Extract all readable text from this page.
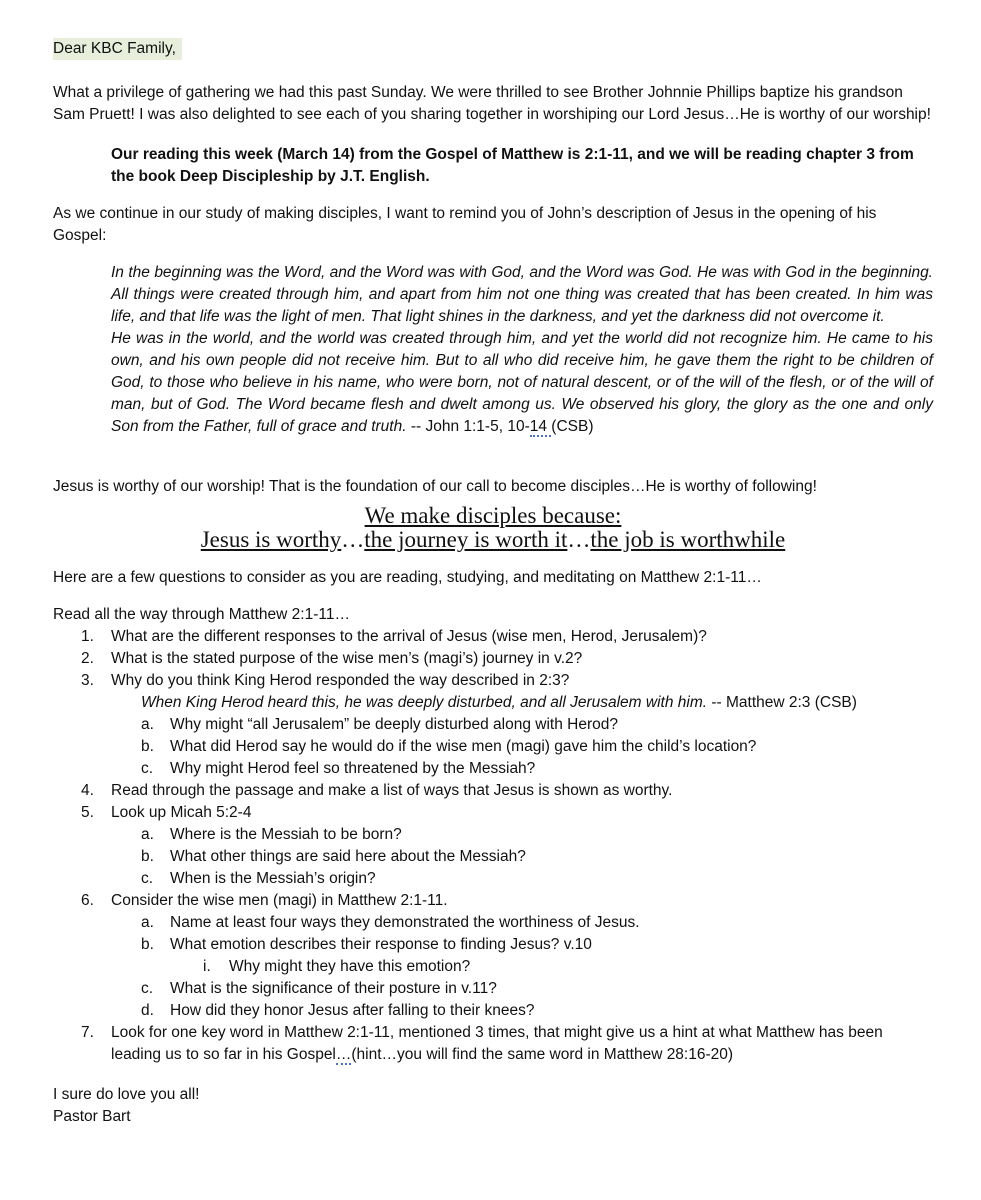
Dear KBC Family,

What a privilege of gathering we had this past Sunday. We were thrilled to see Brother Johnnie Phillips baptize his grandson Sam Pruett! I was also delighted to see each of you sharing together in worshiping our Lord Jesus…He is worthy of our worship!

Our reading this week (March 14) from the Gospel of Matthew is 2:1-11, and we will be reading chapter 3 from the book Deep Discipleship by J.T. English.

As we continue in our study of making disciples, I want to remind you of John’s description of Jesus in the opening of his Gospel:

In the beginning was the Word, and the Word was with God, and the Word was God. He was with God in the beginning. All things were created through him, and apart from him not one thing was created that has been created. In him was life, and that life was the light of men. That light shines in the darkness, and yet the darkness did not overcome it.

He was in the world, and the world was created through him, and yet the world did not recognize him. He came to his own, and his own people did not receive him. But to all who did receive him, he gave them the right to be children of God, to those who believe in his name, who were born, not of natural descent, or of the will of the flesh, or of the will of man, but of God. The Word became flesh and dwelt among us. We observed his glory, the glory as the one and only Son from the Father, full of grace and truth. -- John 1:1-5, 10-14 (CSB)

Jesus is worthy of our worship! That is the foundation of our call to become disciples…He is worthy of following!

We make disciples because:

Jesus is worthy…the journey is worth it…the job is worthwhile

Here are a few questions to consider as you are reading, studying, and meditating on Matthew 2:1-11…

Read all the way through Matthew 2:1-11…

1. What are the different responses to the arrival of Jesus (wise men, Herod, Jerusalem)?
2. What is the stated purpose of the wise men’s (magi’s) journey in v.2?
3. Why do you think King Herod responded the way described in 2:3?
When King Herod heard this, he was deeply disturbed, and all Jerusalem with him. -- Matthew 2:3 (CSB)
a. Why might “all Jerusalem” be deeply disturbed along with Herod?
b. What did Herod say he would do if the wise men (magi) gave him the child’s location?
c. Why might Herod feel so threatened by the Messiah?
4. Read through the passage and make a list of ways that Jesus is shown as worthy.
5. Look up Micah 5:2-4
a. Where is the Messiah to be born?
b. What other things are said here about the Messiah?
c. When is the Messiah’s origin?
6. Consider the wise men (magi) in Matthew 2:1-11.
a. Name at least four ways they demonstrated the worthiness of Jesus.
b. What emotion describes their response to finding Jesus? v.10
i. Why might they have this emotion?
c. What is the significance of their posture in v.11?
d. How did they honor Jesus after falling to their knees?
7. Look for one key word in Matthew 2:1-11, mentioned 3 times, that might give us a hint at what Matthew has been leading us to so far in his Gospel…(hint…you will find the same word in Matthew 28:16-20)

I sure do love you all!

Pastor Bart
